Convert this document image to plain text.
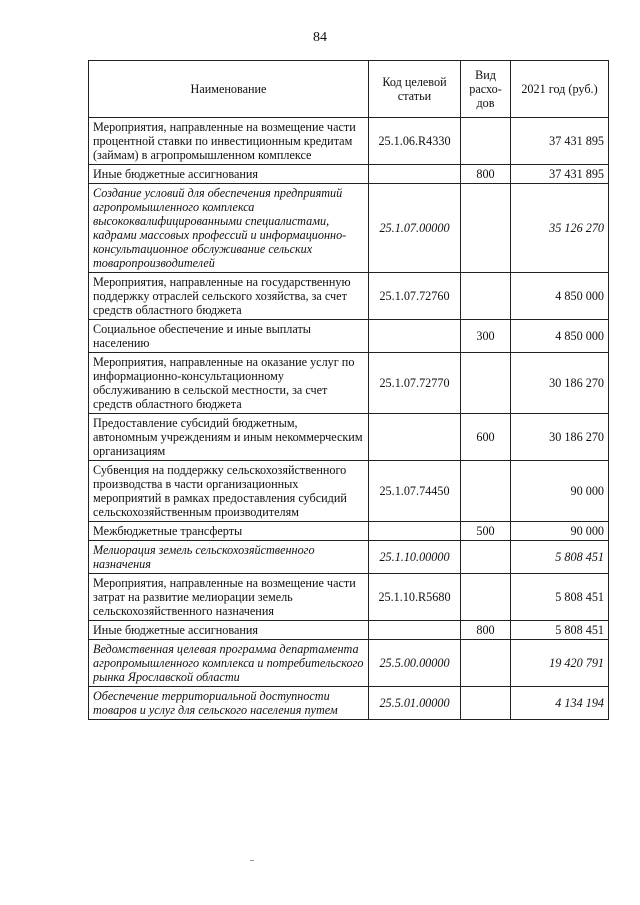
84
Наименование	Код целевой статьи	Вид расхо-дов	2021 год (руб.)
Мероприятия, направленные на возмещение части процентной ставки по инвестиционным кредитам (займам) в агропромышленном комплексе	25.1.06.R4330		37 431 895
Иные бюджетные ассигнования		800	37 431 895
Создание условий для обеспечения предприятий агропромышленного комплекса высококвалифицированными специалистами, кадрами массовых профессий и информационно-консультационное обслуживание сельских товаропроизводителей	25.1.07.00000		35 126 270
Мероприятия, направленные на государственную поддержку отраслей сельского хозяйства, за счет средств областного бюджета	25.1.07.72760		4 850 000
Социальное обеспечение и иные выплаты населению		300	4 850 000
Мероприятия, направленные на оказание услуг по информационно-консультационному обслуживанию в сельской местности, за счет средств областного бюджета	25.1.07.72770		30 186 270
Предоставление субсидий бюджетным, автономным учреждениям и иным некоммерческим организациям		600	30 186 270
Субвенция на поддержку сельскохозяйственного производства в части организационных мероприятий в рамках предоставления субсидий сельскохозяйственным производителям	25.1.07.74450		90 000
Межбюджетные трансферты		500	90 000
Мелиорация земель сельскохозяйственного назначения	25.1.10.00000		5 808 451
Мероприятия, направленные на возмещение части затрат на развитие мелиорации земель сельскохозяйственного назначения	25.1.10.R5680		5 808 451
Иные бюджетные ассигнования		800	5 808 451
Ведомственная целевая программа департамента агропромышленного комплекса и потребительского рынка Ярославской области	25.5.00.00000		19 420 791
Обеспечение территориальной доступности товаров и услуг для сельского населения путем	25.5.01.00000		4 134 194
